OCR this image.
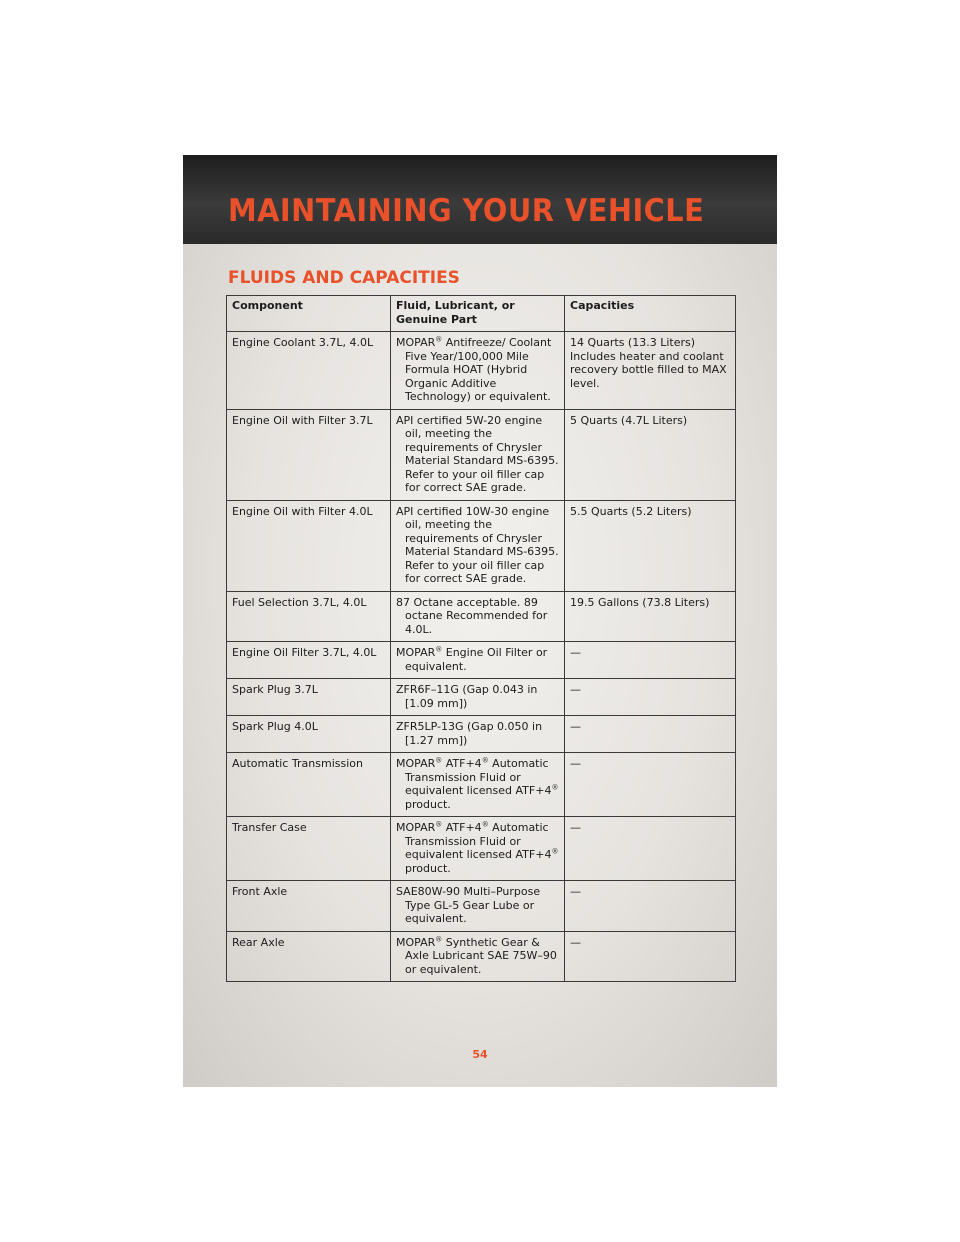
MAINTAINING YOUR VEHICLE
FLUIDS AND CAPACITIES
Component	Fluid, Lubricant, or Genuine Part	Capacities
Engine Coolant 3.7L, 4.0L	MOPAR® Antifreeze/ Coolant Five Year/100,000 Mile Formula HOAT (Hybrid Organic Additive Technology) or equivalent.	14 Quarts (13.3 Liters) Includes heater and coolant recovery bottle filled to MAX level.
Engine Oil with Filter 3.7L	API certified 5W-20 engine oil, meeting the requirements of Chrysler Material Standard MS-6395. Refer to your oil filler cap for correct SAE grade.	5 Quarts (4.7L Liters)
Engine Oil with Filter 4.0L	API certified 10W-30 engine oil, meeting the requirements of Chrysler Material Standard MS-6395. Refer to your oil filler cap for correct SAE grade.	5.5 Quarts (5.2 Liters)
Fuel Selection 3.7L, 4.0L	87 Octane acceptable. 89 octane Recommended for 4.0L.	19.5 Gallons (73.8 Liters)
Engine Oil Filter 3.7L, 4.0L	MOPAR® Engine Oil Filter or equivalent.	—
Spark Plug 3.7L	ZFR6F–11G (Gap 0.043 in [1.09 mm])	—
Spark Plug 4.0L	ZFR5LP-13G (Gap 0.050 in [1.27 mm])	—
Automatic Transmission	MOPAR® ATF+4® Automatic Transmission Fluid or equivalent licensed ATF+4® product.	—
Transfer Case	MOPAR® ATF+4® Automatic Transmission Fluid or equivalent licensed ATF+4® product.	—
Front Axle	SAE80W-90 Multi–Purpose Type GL-5 Gear Lube or equivalent.	—
Rear Axle	MOPAR® Synthetic Gear & Axle Lubricant SAE 75W–90 or equivalent.	—
54
